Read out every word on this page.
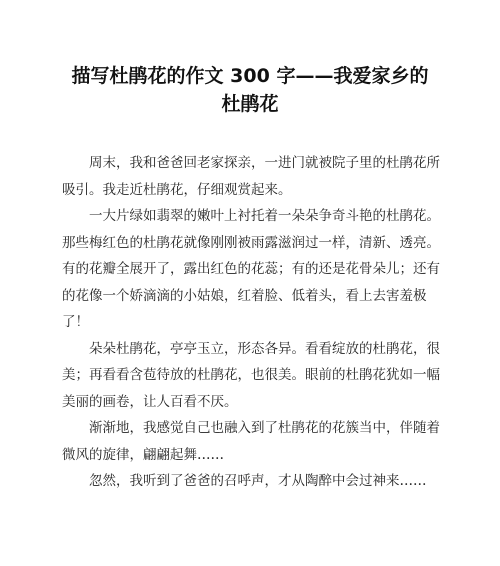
描写杜鹃花的作文 300 字——我爱家乡的
杜鹃花

周末，我和爸爸回老家探亲，一进门就被院子里的杜鹃花所吸引。我走近杜鹃花，仔细观赏起来。

一大片绿如翡翠的嫩叶上衬托着一朵朵争奇斗艳的杜鹃花。那些梅红色的杜鹃花就像刚刚被雨露滋润过一样，清新、透亮。有的花瓣全展开了，露出红色的花蕊；有的还是花骨朵儿；还有的花像一个娇滴滴的小姑娘，红着脸、低着头，看上去害羞极了！

朵朵杜鹃花，亭亭玉立，形态各异。看看绽放的杜鹃花，很美；再看看含苞待放的杜鹃花，也很美。眼前的杜鹃花犹如一幅美丽的画卷，让人百看不厌。

渐渐地，我感觉自己也融入到了杜鹃花的花簇当中，伴随着微风的旋律，翩翩起舞……

忽然，我听到了爸爸的召呼声，才从陶醉中会过神来……
